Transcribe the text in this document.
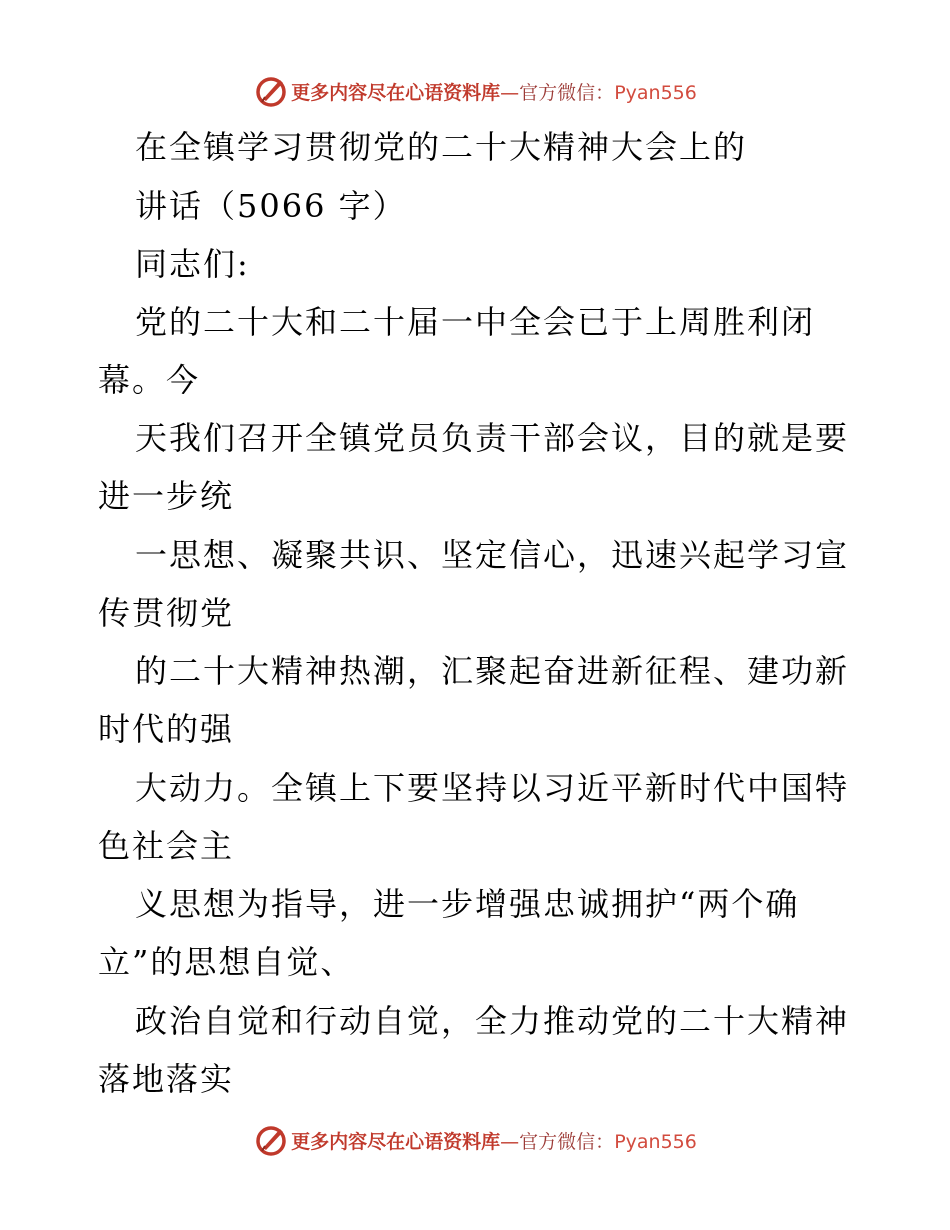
更多内容尽在心语资料库—官方微信：Pyan556
在全镇学习贯彻党的二十大精神大会上的
讲话（5066 字）
同志们:
党的二十大和二十届一中全会已于上周胜利闭
幕。今
天我们召开全镇党员负责干部会议，目的就是要
进一步统
一思想、凝聚共识、坚定信心，迅速兴起学习宣
传贯彻党
的二十大精神热潮，汇聚起奋进新征程、建功新
时代的强
大动力。全镇上下要坚持以习近平新时代中国特
色社会主
义思想为指导，进一步增强忠诚拥护“两个确
立”的思想自觉、
政治自觉和行动自觉，全力推动党的二十大精神
落地落实
更多内容尽在心语资料库—官方微信：Pyan556
